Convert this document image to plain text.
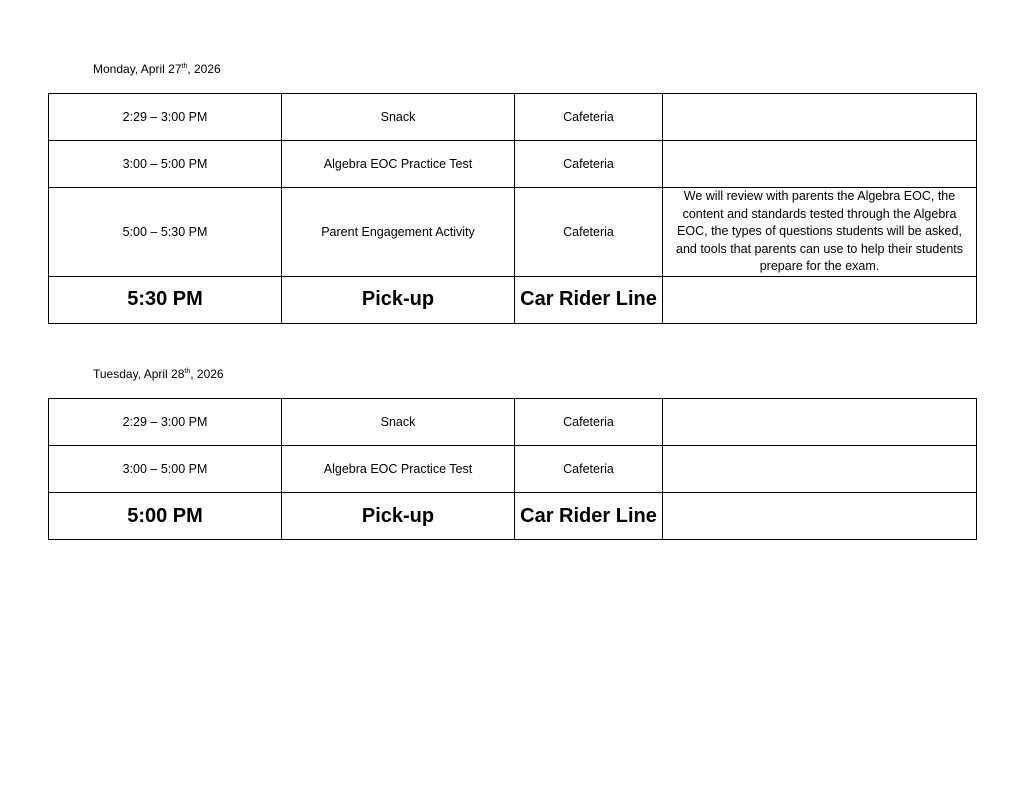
Monday, April 27th, 2026
2:29 – 3:00 PM	Snack	Cafeteria	
3:00 – 5:00 PM	Algebra EOC Practice Test	Cafeteria	
5:00 – 5:30 PM	Parent Engagement Activity	Cafeteria	We will review with parents the Algebra EOC, the content and standards tested through the Algebra EOC, the types of questions students will be asked, and tools that parents can use to help their students prepare for the exam.
5:30 PM	Pick-up	Car Rider Line	
Tuesday, April 28th, 2026
2:29 – 3:00 PM	Snack	Cafeteria	
3:00 – 5:00 PM	Algebra EOC Practice Test	Cafeteria	
5:00 PM	Pick-up	Car Rider Line	
